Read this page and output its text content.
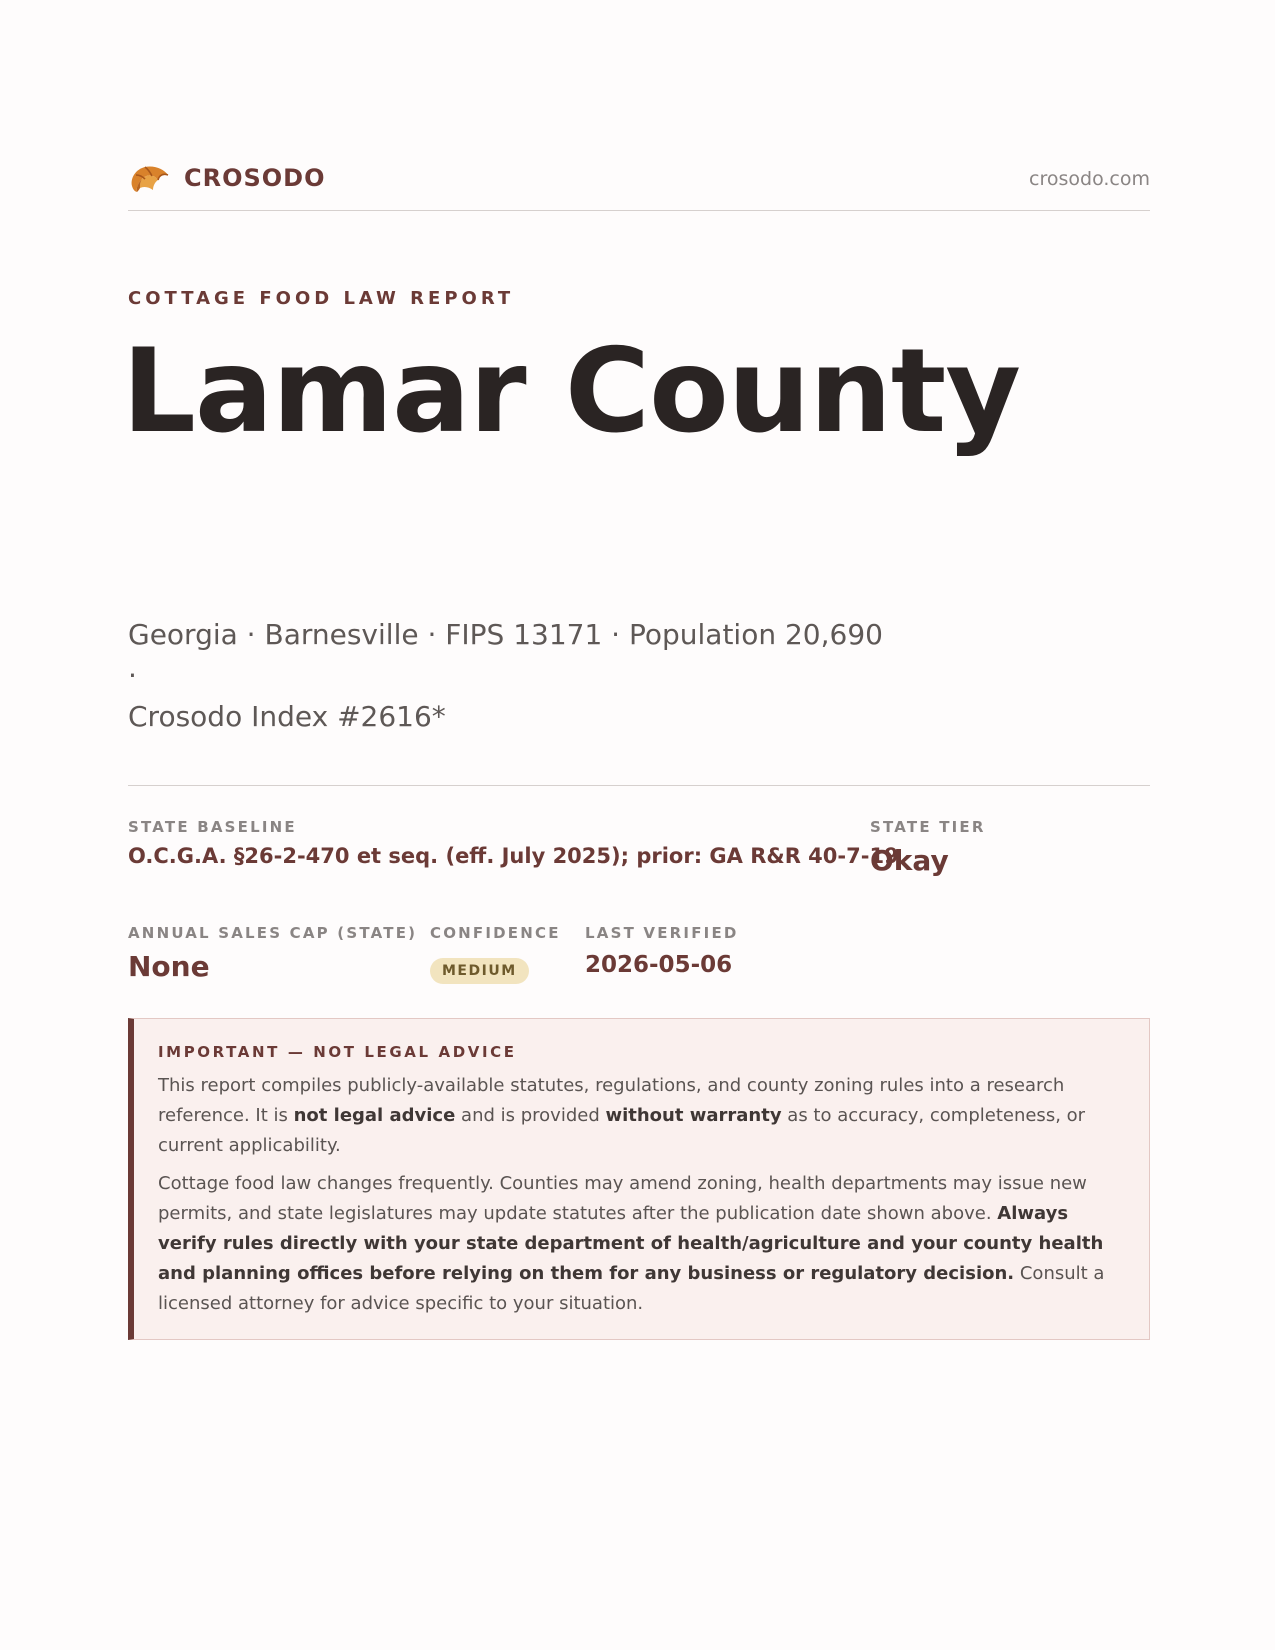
CROSODO	crosodo.com
COTTAGE FOOD LAW REPORT
Lamar County
Georgia · Barnesville · FIPS 13171 · Population 20,690 ·
Crosodo Index #2616*
STATE BASELINE
O.C.G.A. §26-2-470 et seq. (eff. July 2025); prior: GA R&R 40-7-19
STATE TIER
Okay
ANNUAL SALES CAP (STATE)
None
CONFIDENCE
MEDIUM
LAST VERIFIED
2026-05-06
IMPORTANT — NOT LEGAL ADVICE

This report compiles publicly-available statutes, regulations, and county zoning rules into a research reference. It is not legal advice and is provided without warranty as to accuracy, completeness, or current applicability.

Cottage food law changes frequently. Counties may amend zoning, health departments may issue new permits, and state legislatures may update statutes after the publication date shown above. Always verify rules directly with your state department of health/agriculture and your county health and planning offices before relying on them for any business or regulatory decision. Consult a licensed attorney for advice specific to your situation.
